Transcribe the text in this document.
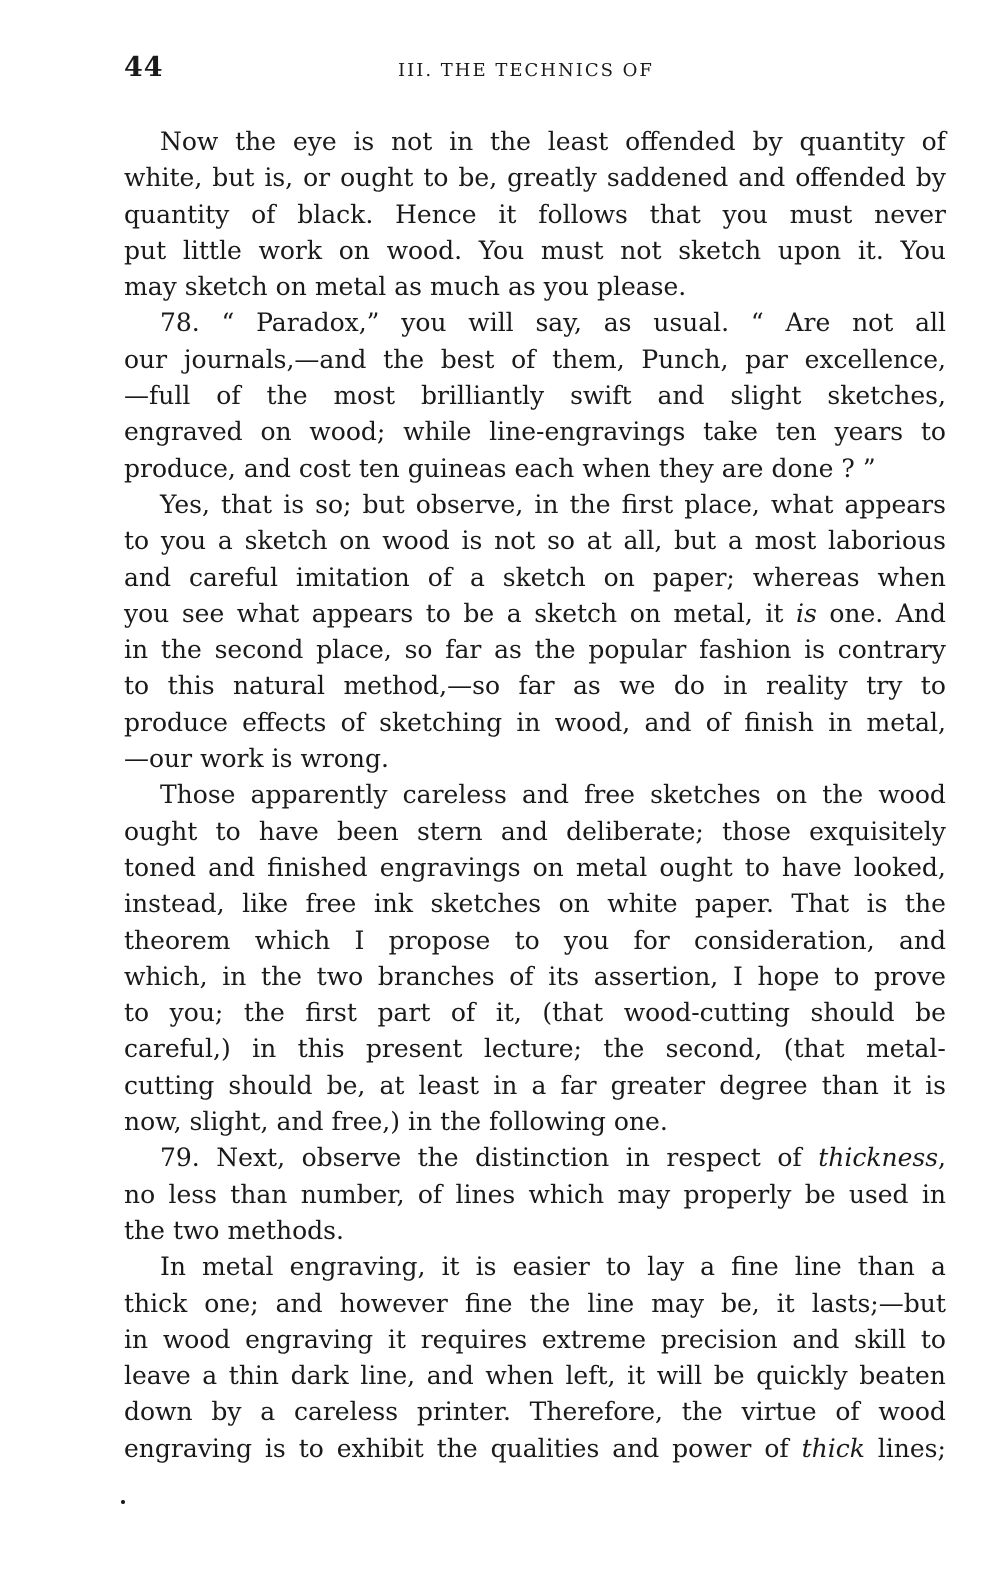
44	III. THE TECHNICS OF
Now the eye is not in the least offended by quantity of
white, but is, or ought to be, greatly saddened and offended by
quantity of black. Hence it follows that you must never
put little work on wood. You must not sketch upon it. You
may sketch on metal as much as you please.
78. “ Paradox,” you will say, as usual. “ Are not all
our journals,—and the best of them, Punch, par excellence,
—full of the most brilliantly swift and slight sketches,
engraved on wood; while line-engravings take ten years to
produce, and cost ten guineas each when they are done ? ”
Yes, that is so; but observe, in the first place, what appears
to you a sketch on wood is not so at all, but a most laborious
and careful imitation of a sketch on paper; whereas when
you see what appears to be a sketch on metal, it is one. And
in the second place, so far as the popular fashion is contrary
to this natural method,—so far as we do in reality try to
produce effects of sketching in wood, and of finish in metal,
—our work is wrong.
Those apparently careless and free sketches on the wood
ought to have been stern and deliberate; those exquisitely
toned and finished engravings on metal ought to have looked,
instead, like free ink sketches on white paper. That is the
theorem which I propose to you for consideration, and
which, in the two branches of its assertion, I hope to prove
to you; the first part of it, (that wood-cutting should be
careful,) in this present lecture; the second, (that metal-
cutting should be, at least in a far greater degree than it is
now, slight, and free,) in the following one.
79. Next, observe the distinction in respect of thickness,
no less than number, of lines which may properly be used in
the two methods.
In metal engraving, it is easier to lay a fine line than a
thick one; and however fine the line may be, it lasts;—but
in wood engraving it requires extreme precision and skill to
leave a thin dark line, and when left, it will be quickly beaten
down by a careless printer. Therefore, the virtue of wood
engraving is to exhibit the qualities and power of thick lines;
